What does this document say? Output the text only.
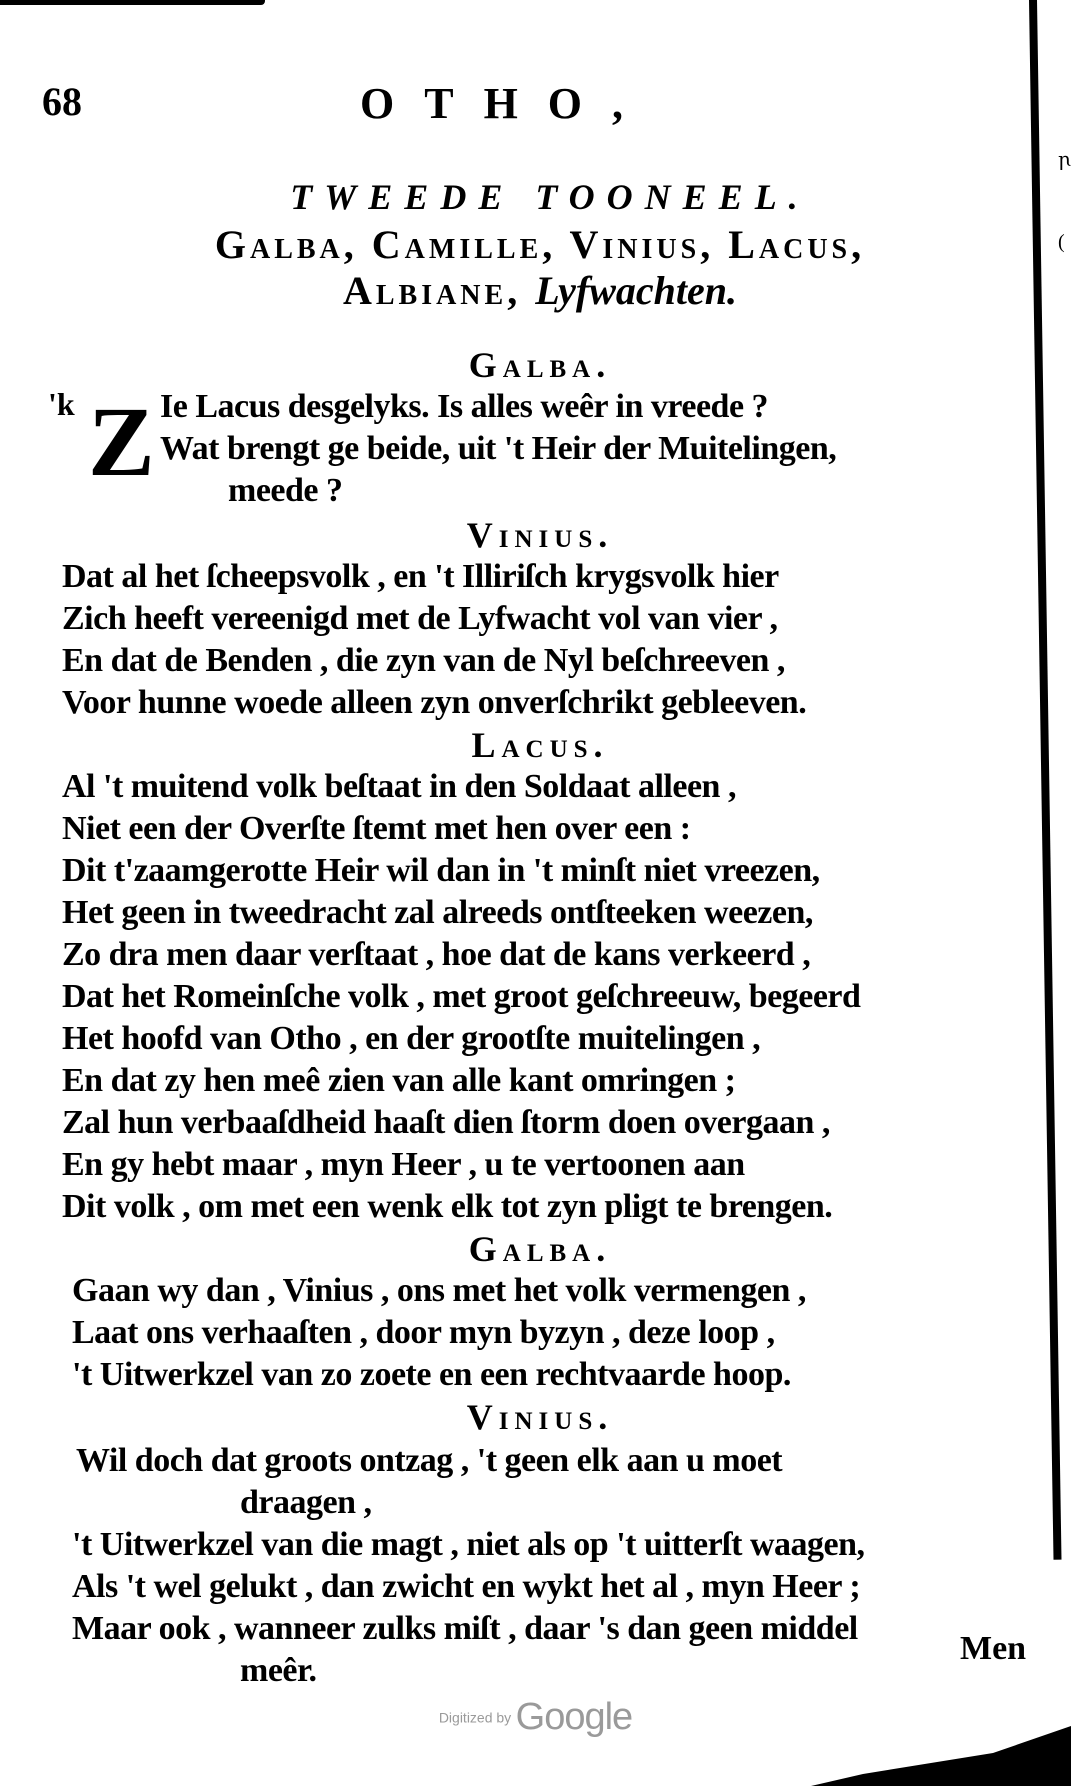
ꞃ
(
68	OTHO,
TWEEDE TOONEEL.
Galba, Camille, Vinius, Lacus,
Albiane, Lyfwachten.
Galba.
'k Z Ie Lacus desgelyks. Is alles weêr in vreede ?
Wat brengt ge beide, uit 't Heir der Muitelingen,
meede ?
Vinius.
Dat al het ſcheepsvolk , en 't Illiriſch krygsvolk hier
Zich heeft vereenigd met de Lyfwacht vol van vier ,
En dat de Benden , die zyn van de Nyl beſchreeven ,
Voor hunne woede alleen zyn onverſchrikt gebleeven.
Lacus.
Al 't muitend volk beſtaat in den Soldaat alleen ,
Niet een der Overſte ſtemt met hen over een :
Dit t'zaamgerotte Heir wil dan in 't minſt niet vreezen,
Het geen in tweedracht zal alreeds ontſteeken weezen,
Zo dra men daar verſtaat , hoe dat de kans verkeerd ,
Dat het Romeinſche volk , met groot geſchreeuw, begeerd
Het hoofd van Otho , en der grootſte muitelingen ,
En dat zy hen meê zien van alle kant omringen ;
Zal hun verbaaſdheid haaſt dien ſtorm doen overgaan ,
En gy hebt maar , myn Heer , u te vertoonen aan
Dit volk , om met een wenk elk tot zyn pligt te brengen.
Galba.
Gaan wy dan , Vinius , ons met het volk vermengen ,
Laat ons verhaaſten , door myn byzyn , deze loop ,
't Uitwerkzel van zo zoete en een rechtvaarde hoop.
Vinius.
Wil doch dat groots ontzag , 't geen elk aan u moet
draagen ,
't Uitwerkzel van die magt , niet als op 't uitterſt waagen,
Als 't wel gelukt , dan zwicht en wykt het al , myn Heer ;
Maar ook , wanneer zulks miſt , daar 's dan geen middel
meêr.
Men
Digitized by Google
